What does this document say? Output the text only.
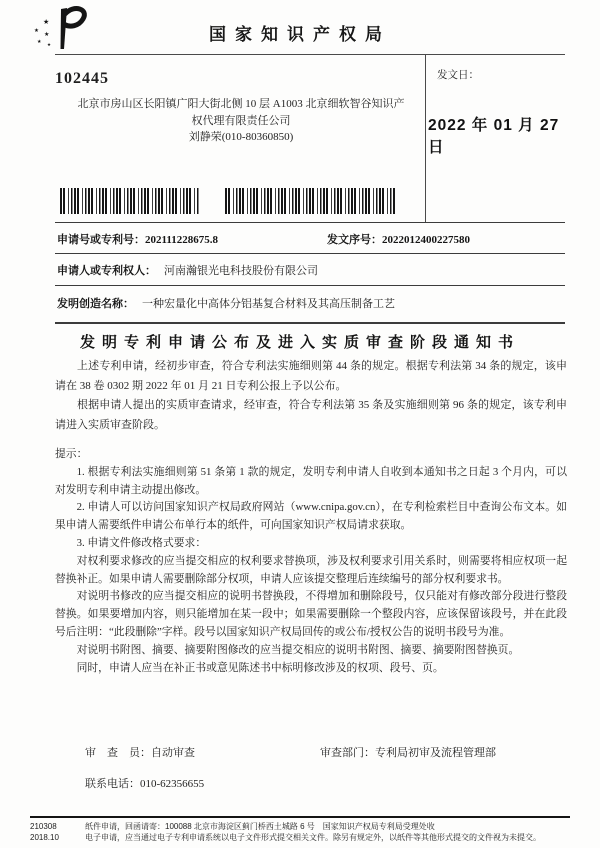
★
★
★
★ ★
国家知识产权局
102445
北京市房山区长阳镇广阳大街北侧 10 层 A1003 北京细软智谷知识产
权代理有限责任公司
刘静荣(010-80360850)
发文日：
2022 年 01 月 27 日
申请号或专利号：202111228675.8	发文序号：2022012400227580
申请人或专利权人： 河南瀚银光电科技股份有限公司
发明创造名称： 一种宏量化中高体分铝基复合材料及其高压制备工艺
发明专利申请公布及进入实质审查阶段通知书

上述专利申请，经初步审查，符合专利法实施细则第 44 条的规定。根据专利法第 34 条的规定，该申请在 38 卷 0302 期 2022 年 01 月 21 日专利公报上予以公布。

根据申请人提出的实质审查请求，经审查，符合专利法第 35 条及实施细则第 96 条的规定，该专利申请进入实质审查阶段。

提示：
1. 根据专利法实施细则第 51 条第 1 款的规定，发明专利申请人自收到本通知书之日起 3 个月内，可以对发明专利申请主动提出修改。
2. 申请人可以访问国家知识产权局政府网站（www.cnipa.gov.cn），在专利检索栏目中查询公布文本。如果申请人需要纸件申请公布单行本的纸件，可向国家知识产权局请求获取。
3. 申请文件修改格式要求：
对权利要求修改的应当提交相应的权利要求替换项，涉及权利要求引用关系时，则需要将相应权项一起替换补正。如果申请人需要删除部分权项，申请人应该提交整理后连续编号的部分权利要求书。
对说明书修改的应当提交相应的说明书替换段，不得增加和删除段号，仅只能对有修改部分段进行整段替换。如果要增加内容，则只能增加在某一段中；如果需要删除一个整段内容，应该保留该段号，并在此段号后注明：“此段删除”字样。段号以国家知识产权局回传的或公布/授权公告的说明书段号为准。
对说明书附图、摘要、摘要附图修改的应当提交相应的说明书附图、摘要、摘要附图替换页。
同时，申请人应当在补正书或意见陈述书中标明修改涉及的权项、段号、页。
审　查　员：自动审查	审查部门：专利局初审及流程管理部
联系电话：010-62356655
210308
2018.10
纸件申请，回函请寄：100088 北京市海淀区蓟门桥西土城路 6 号　国家知识产权局专利局受理处收
电子申请，应当通过电子专利申请系统以电子文件形式提交相关文件。除另有规定外，以纸件等其他形式提交的文件视为未提交。
